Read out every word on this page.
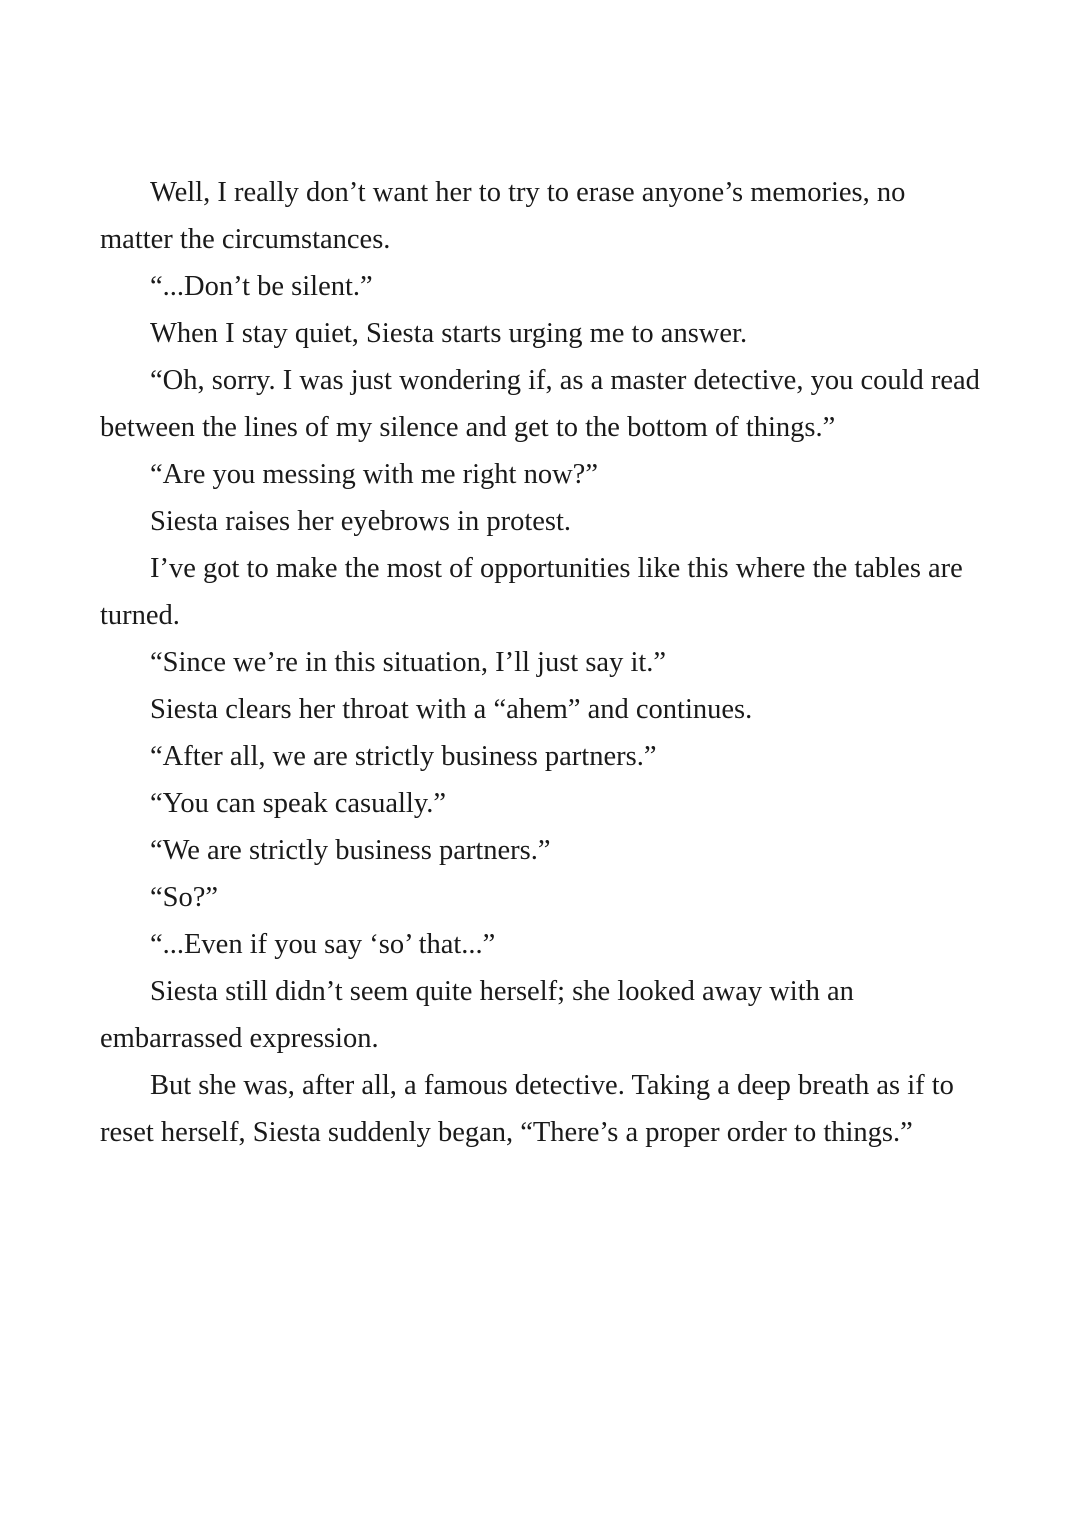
Well, I really don’t want her to try to erase anyone’s memories, no matter the circumstances.

“...Don’t be silent.”

When I stay quiet, Siesta starts urging me to answer.

“Oh, sorry. I was just wondering if, as a master detective, you could read between the lines of my silence and get to the bottom of things.”

“Are you messing with me right now?”

Siesta raises her eyebrows in protest.

I’ve got to make the most of opportunities like this where the tables are turned.

“Since we’re in this situation, I’ll just say it.”

Siesta clears her throat with a “ahem” and continues.

“After all, we are strictly business partners.”

“You can speak casually.”

“We are strictly business partners.”

“So?”

“...Even if you say ‘so’ that...”

Siesta still didn’t seem quite herself; she looked away with an embarrassed expression.

But she was, after all, a famous detective. Taking a deep breath as if to reset herself, Siesta suddenly began, “There’s a proper order to things.”
